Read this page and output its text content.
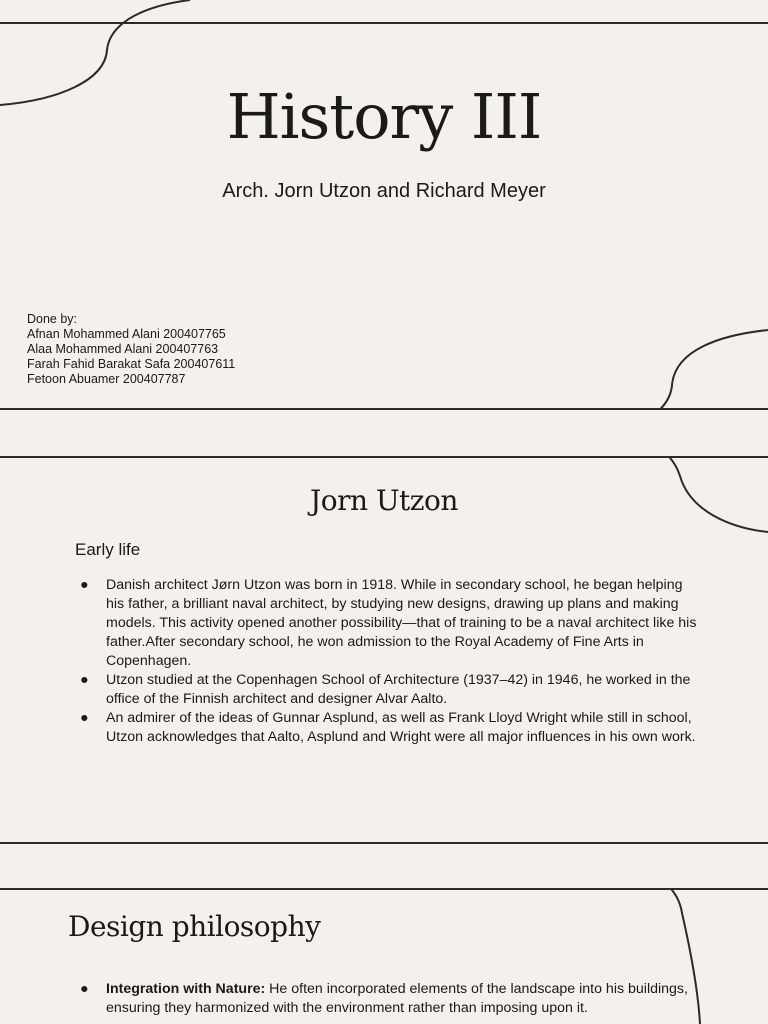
History III
Arch. Jorn Utzon and Richard Meyer
Done by:
Afnan Mohammed Alani 200407765
Alaa Mohammed Alani 200407763
Farah Fahid Barakat Safa 200407611
Fetoon Abuamer 200407787
Jorn Utzon
Early life
● Danish architect Jørn Utzon was born in 1918. While in secondary school, he began helping his father, a brilliant naval architect, by studying new designs, drawing up plans and making models. This activity opened another possibility—that of training to be a naval architect like his father.After secondary school, he won admission to the Royal Academy of Fine Arts in Copenhagen.
● Utzon studied at the Copenhagen School of Architecture (1937–42) in 1946, he worked in the office of the Finnish architect and designer Alvar Aalto.
● An admirer of the ideas of Gunnar Asplund, as well as Frank Lloyd Wright while still in school, Utzon acknowledges that Aalto, Asplund and Wright were all major influences in his own work.
Design philosophy
● Integration with Nature: He often incorporated elements of the landscape into his buildings, ensuring they harmonized with the environment rather than imposing upon it.
